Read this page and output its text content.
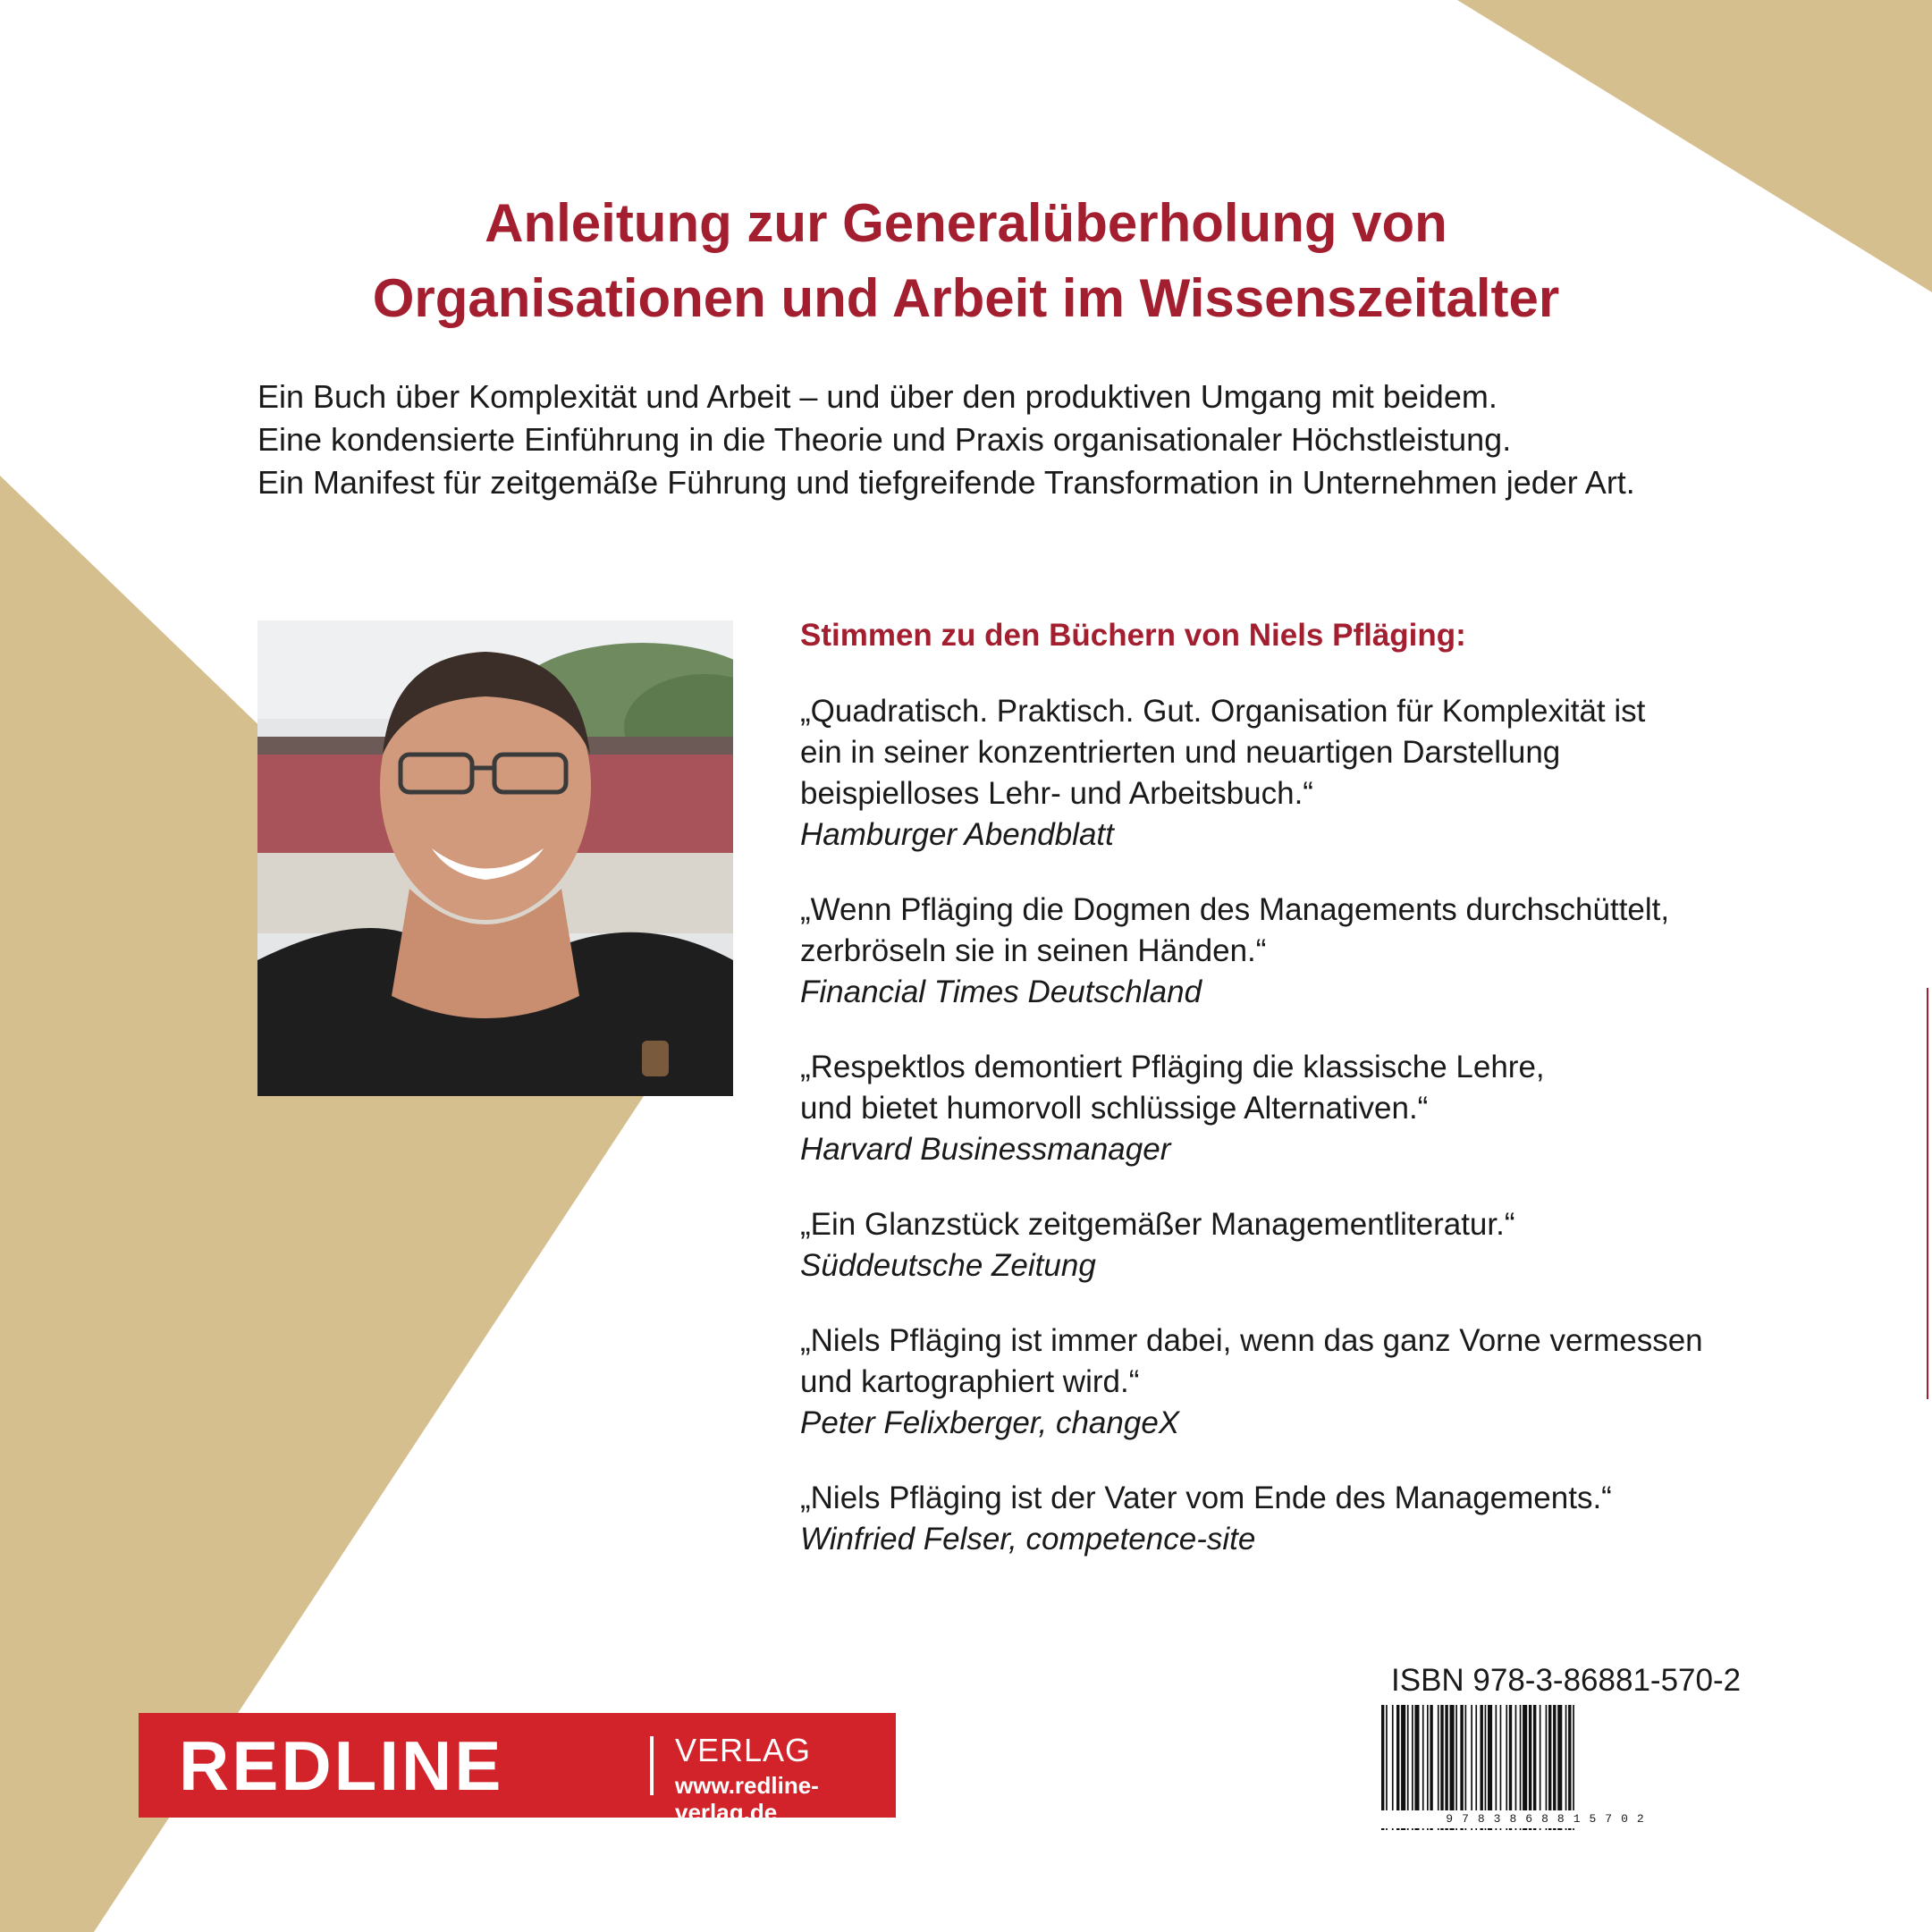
Anleitung zur Generalüberholung von
Organisationen und Arbeit im Wissenszeitalter
Ein Buch über Komplexität und Arbeit – und über den produktiven Umgang mit beidem.
Eine kondensierte Einführung in die Theorie und Praxis organisationaler Höchstleistung.
Ein Manifest für zeitgemäße Führung und tiefgreifende Transformation in Unternehmen jeder Art.
Stimmen zu den Büchern von Niels Pfläging:
„Quadratisch. Praktisch. Gut. Organisation für Komplexität ist
ein in seiner konzentrierten und neuartigen Darstellung
beispielloses Lehr- und Arbeitsbuch.“
Hamburger Abendblatt
„Wenn Pfläging die Dogmen des Managements durchschüttelt,
zerbröseln sie in seinen Händen.“
Financial Times Deutschland
„Respektlos demontiert Pfläging die klassische Lehre,
und bietet humorvoll schlüssige Alternativen.“
Harvard Businessmanager
„Ein Glanzstück zeitgemäßer Managementliteratur.“
Süddeutsche Zeitung
„Niels Pfläging ist immer dabei, wenn das ganz Vorne vermessen
und kartographiert wird.“
Peter Felixberger, changeX
„Niels Pfläging ist der Vater vom Ende des Managements.“
Winfried Felser, competence-site
REDLINE	VERLAG
www.redline-verlag.de
ISBN 978-3-86881-570-2
9783868815702
